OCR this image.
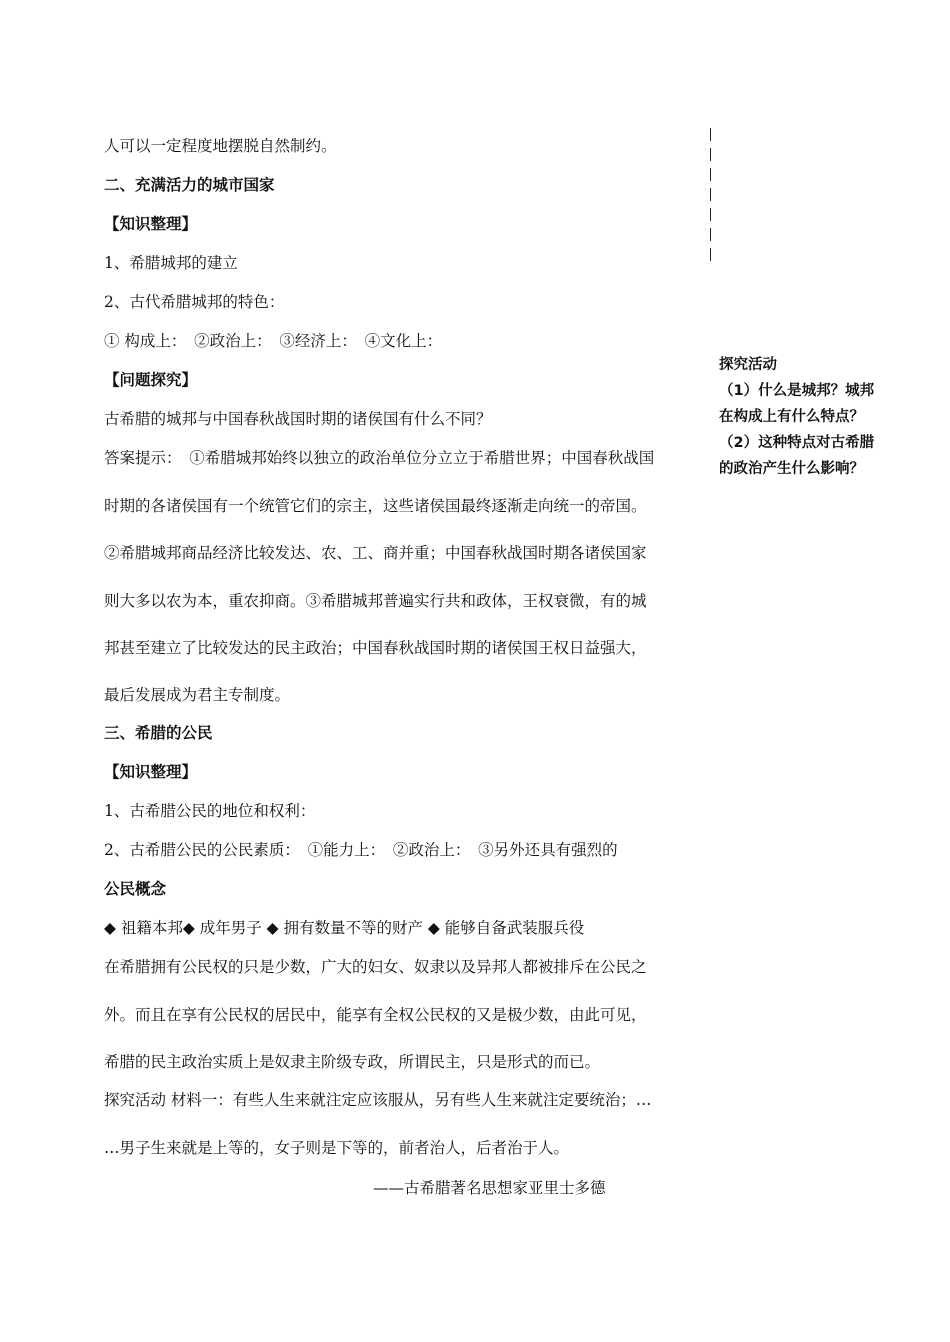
人可以一定程度地摆脱自然制约。
二、充满活力的城市国家
【知识整理】
1、希腊城邦的建立
2、古代希腊城邦的特色：
① 构成上：　②政治上：　③经济上：　④文化上：
【问题探究】
古希腊的城邦与中国春秋战国时期的诸侯国有什么不同？
答案提示：　①希腊城邦始终以独立的政治单位分立立于希腊世界；中国春秋战国
时期的各诸侯国有一个统管它们的宗主，这些诸侯国最终逐渐走向统一的帝国。
②希腊城邦商品经济比较发达、农、工、商并重；中国春秋战国时期各诸侯国家
则大多以农为本，重农抑商。③希腊城邦普遍实行共和政体，王权衰微，有的城
邦甚至建立了比较发达的民主政治；中国春秋战国时期的诸侯国王权日益强大，
最后发展成为君主专制度。
三、希腊的公民
【知识整理】
1、古希腊公民的地位和权利：
2、古希腊公民的公民素质：　①能力上：　②政治上：　③另外还具有强烈的
公民概念
◆ 祖籍本邦◆ 成年男子 ◆ 拥有数量不等的财产 ◆ 能够自备武装服兵役
在希腊拥有公民权的只是少数，广大的妇女、奴隶以及异邦人都被排斥在公民之
外。而且在享有公民权的居民中，能享有全权公民权的又是极少数，由此可见，
希腊的民主政治实质上是奴隶主阶级专政，所谓民主，只是形式的而已。
探究活动 材料一：有些人生来就注定应该服从，另有些人生来就注定要统治；…
…男子生来就是上等的，女子则是下等的，前者治人，后者治于人。
——古希腊著名思想家亚里士多德
探究活动
（1）什么是城邦？城邦
在构成上有什么特点？
（2）这种特点对古希腊
的政治产生什么影响？
